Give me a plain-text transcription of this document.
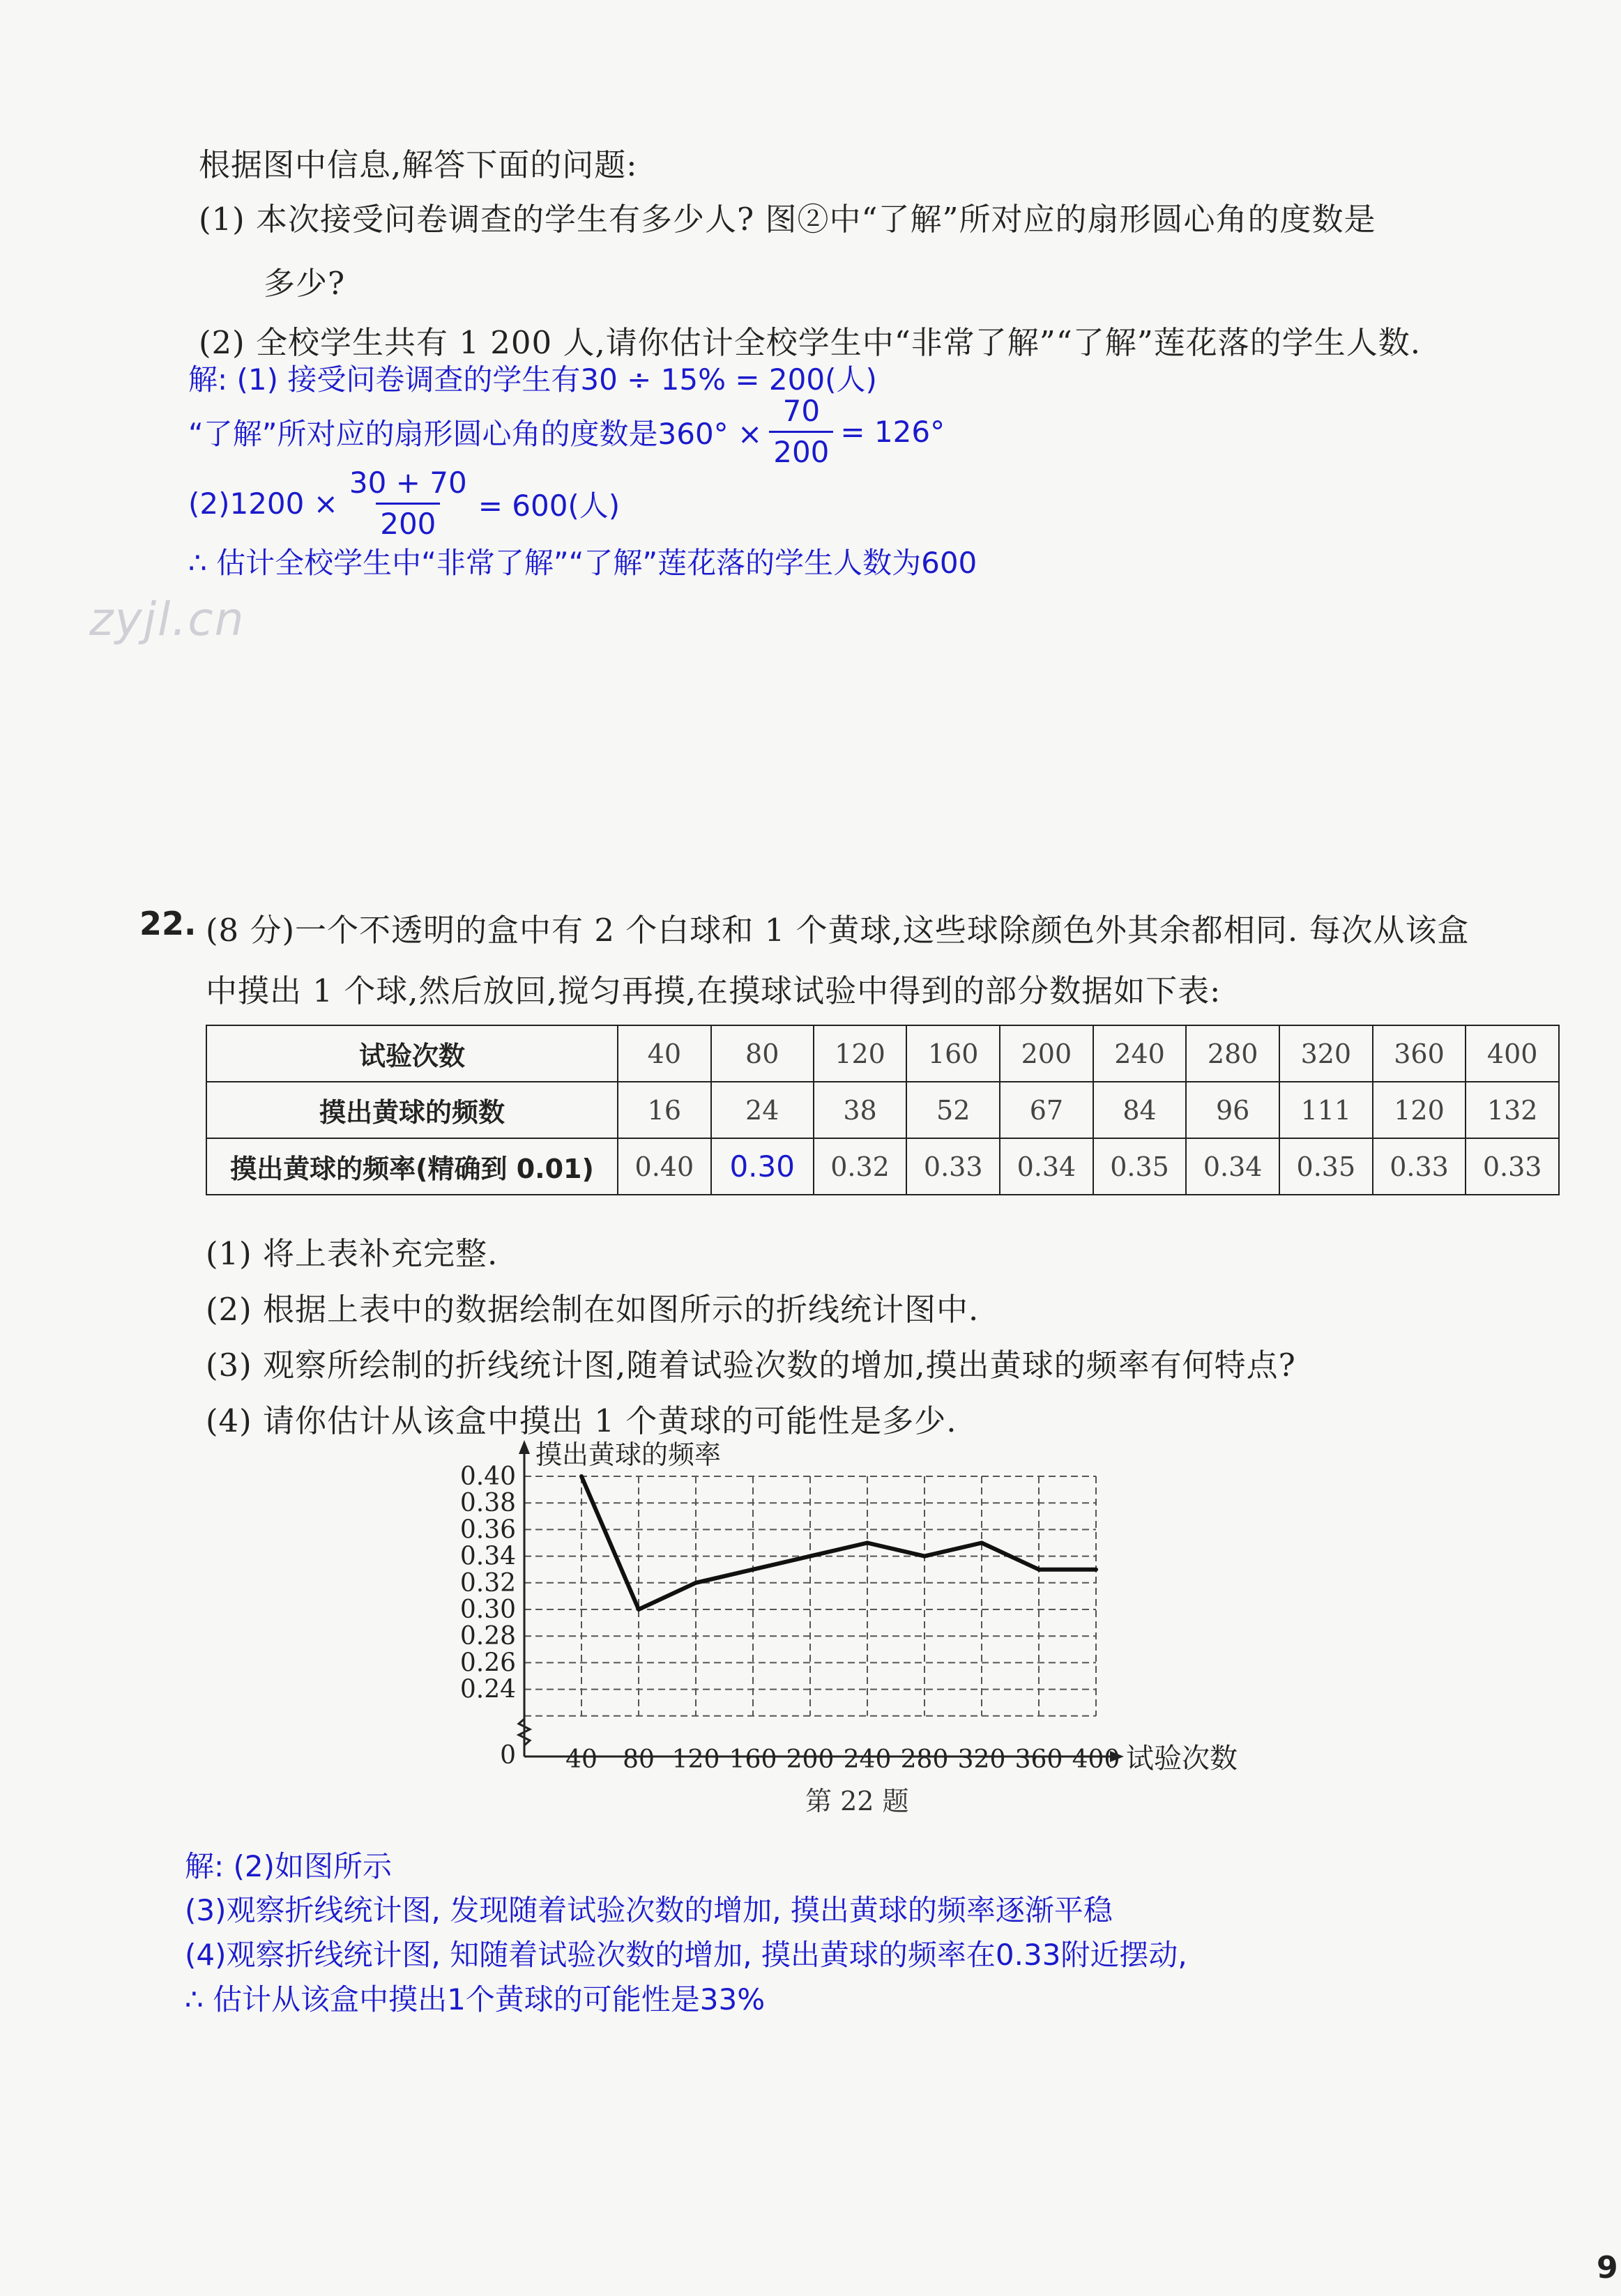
根据图中信息,解答下面的问题:
(1) 本次接受问卷调查的学生有多少人? 图②中“了解”所对应的扇形圆心角的度数是
多少?
(2) 全校学生共有 1 200 人,请你估计全校学生中“非常了解”“了解”莲花落的学生人数.
解: (1) 接受问卷调查的学生有30 ÷ 15% = 200(人)
“了解”所对应的扇形圆心角的度数是$360^\circ \times \frac{70}{200} = 126^\circ$
$(2)1200 \times \frac{30 + 70}{200} = 600$(人)
∴ 估计全校学生中“非常了解”“了解”莲花落的学生人数为600
zyjl.cn
22. (8 分)一个不透明的盒中有 2 个白球和 1 个黄球,这些球除颜色外其余都相同. 每次从该盒
中摸出 1 个球,然后放回,搅匀再摸,在摸球试验中得到的部分数据如下表:
试验次数	40	80	120	160	200	240	280	320	360	400
摸出黄球的频数	16	24	38	52	67	84	96	111	120	132
摸出黄球的频率(精确到 0.01)	0.40	0.30	0.32	0.33	0.34	0.35	0.34	0.35	0.33	0.33
(1) 将上表补充完整.
(2) 根据上表中的数据绘制在如图所示的折线统计图中.
(3) 观察所绘制的折线统计图,随着试验次数的增加,摸出黄球的频率有何特点?
(4) 请你估计从该盒中摸出 1 个黄球的可能性是多少.
摸出黄球的频率
试验次数
0.24
0.26
0.28
0.30
0.32
0.34
0.36
0.38
0.40
0 40 80 120 160 200 240 280 320 360 400
第 22 题
解: (2)如图所示
(3)观察折线统计图, 发现随着试验次数的增加, 摸出黄球的频率逐渐平稳
(4)观察折线统计图, 知随着试验次数的增加, 摸出黄球的频率在0.33附近摆动,
∴ 估计从该盒中摸出1个黄球的可能性是33%
9
